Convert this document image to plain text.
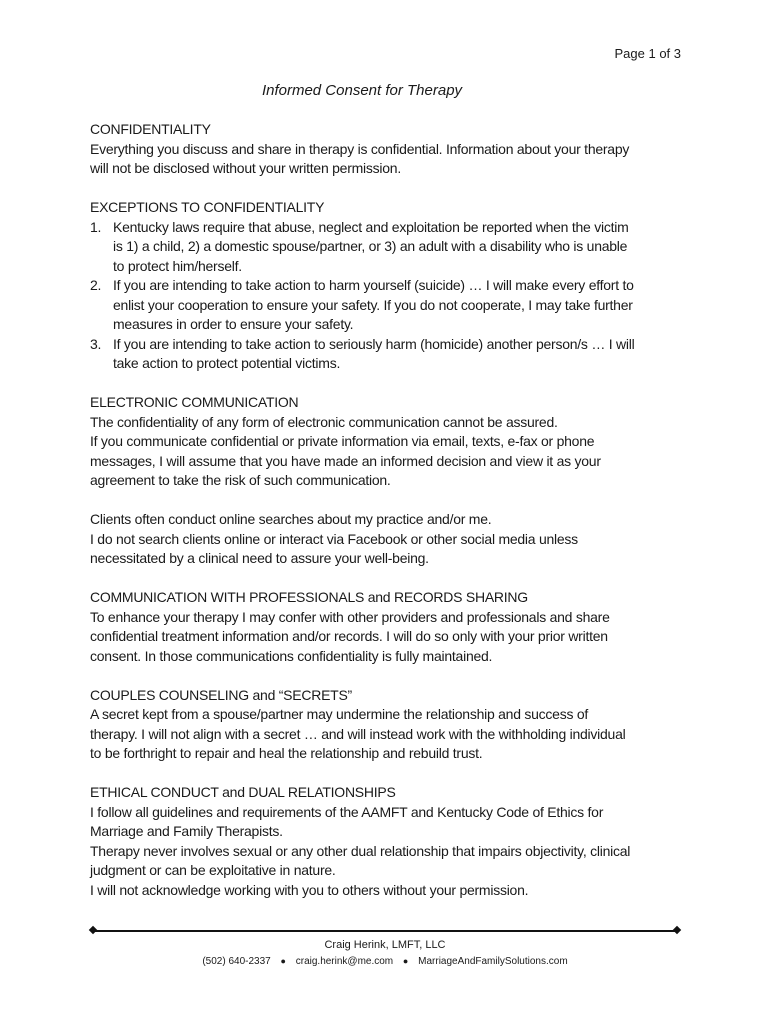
Page 1 of 3
Informed Consent for Therapy
CONFIDENTIALITY

Everything you discuss and share in therapy is confidential. Information about your therapy will not be disclosed without your written permission.

EXCEPTIONS TO CONFIDENTIALITY
1. Kentucky laws require that abuse, neglect and exploitation be reported when the victim is 1) a child, 2) a domestic spouse/partner, or 3) an adult with a disability who is unable to protect him/herself.
2. If you are intending to take action to harm yourself (suicide) … I will make every effort to enlist your cooperation to ensure your safety. If you do not cooperate, I may take further measures in order to ensure your safety.
3. If you are intending to take action to seriously harm (homicide) another person/s … I will take action to protect potential victims.
ELECTRONIC COMMUNICATION

The confidentiality of any form of electronic communication cannot be assured.

If you communicate confidential or private information via email, texts, e-fax or phone messages, I will assume that you have made an informed decision and view it as your agreement to take the risk of such communication.

Clients often conduct online searches about my practice and/or me.

I do not search clients online or interact via Facebook or other social media unless necessitated by a clinical need to assure your well-being.

COMMUNICATION WITH PROFESSIONALS and RECORDS SHARING

To enhance your therapy I may confer with other providers and professionals and share confidential treatment information and/or records. I will do so only with your prior written consent. In those communications confidentiality is fully maintained.

COUPLES COUNSELING and “SECRETS”

A secret kept from a spouse/partner may undermine the relationship and success of therapy. I will not align with a secret … and will instead work with the withholding individual to be forthright to repair and heal the relationship and rebuild trust.

ETHICAL CONDUCT and DUAL RELATIONSHIPS

I follow all guidelines and requirements of the AAMFT and Kentucky Code of Ethics for Marriage and Family Therapists.

Therapy never involves sexual or any other dual relationship that impairs objectivity, clinical judgment or can be exploitative in nature.

I will not acknowledge working with you to others without your permission.

Craig Herink, LMFT, LLC
(502) 640-2337 ● craig.herink@me.com ● MarriageAndFamilySolutions.com
